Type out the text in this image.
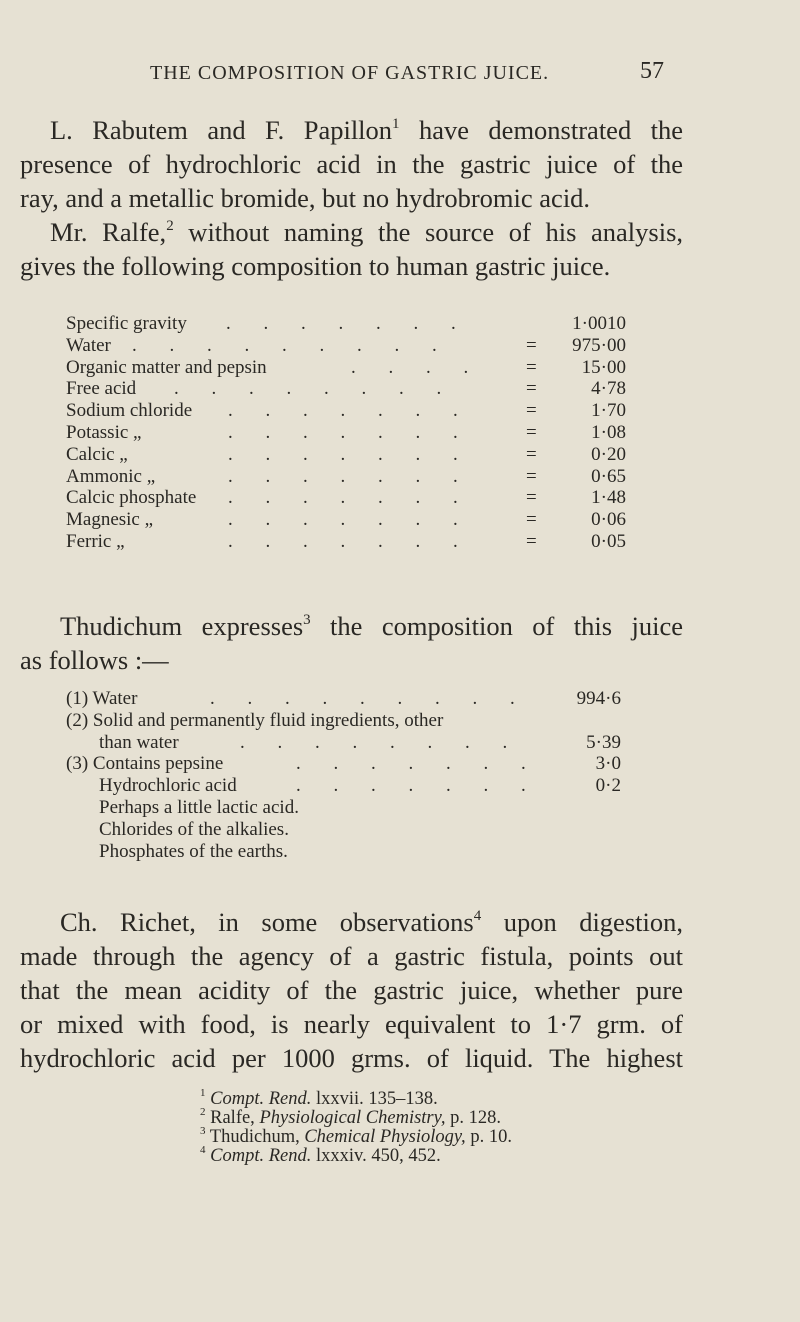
THE COMPOSITION OF GASTRIC JUICE.	57
L. Rabutem and F. Papillon$^1$ have demonstrated the
presence of hydrochloric acid in the gastric juice of the
ray, and a metallic bromide, but no hydrobromic acid.
Mr. Ralfe,$^2$ without naming the source of his analysis,
gives the following composition to human gastric juice.
Specific gravity . . . . . . .	1·0010
Water . . . . . . . . .	=	975·00
Organic matter and pepsin	. . . . =	15·00
Free acid . . . . . . . .	=	4·78
Sodium chloride . . . . . . .	=	1·70
Potassic „	. . . . . . .	=	1·08
Calcic „	. . . . . . .	=	0·20
Ammonic „	. . . . . . .	=	0·65
Calcic phosphate . . . . . . .	=	1·48
Magnesic „	. . . . . . .	=	0·06
Ferric „	. . . . . . .	=	0·05
Thudichum expresses$^3$ the composition of this juice
as follows :—
(1) Water	. . . . . . . . .	994·6
(2) Solid and permanently fluid ingredients, other
than water	. . . . . . . .	5·39
(3) Contains pepsine	. . . . . . .	3·0
Hydrochloric acid	. . . . . . .	0·2
Perhaps a little lactic acid.
Chlorides of the alkalies.
Phosphates of the earths.
Ch. Richet, in some observations$^4$ upon digestion,
made through the agency of a gastric fistula, points out
that the mean acidity of the gastric juice, whether pure
or mixed with food, is nearly equivalent to 1·7 grm. of
hydrochloric acid per 1000 grms. of liquid. The highest
$^1$ Compt. Rend. lxxvii. 135–138.
$^2$ Ralfe, Physiological Chemistry, p. 128.
$^3$ Thudichum, Chemical Physiology, p. 10.
$^4$ Compt. Rend. lxxxiv. 450, 452.
